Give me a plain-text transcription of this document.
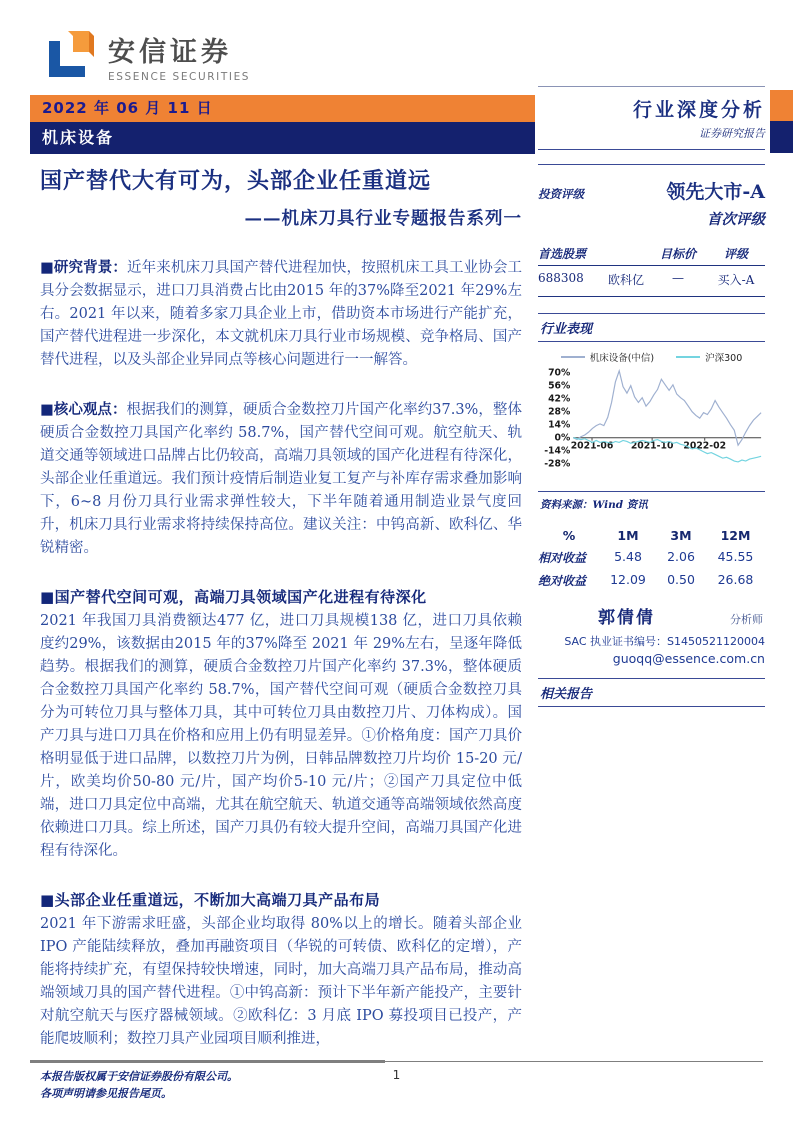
安信证券
ESSENCE SECURITIES
2022 年 06 月 11 日
机床设备
国产替代大有可为，头部企业任重道远
——机床刀具行业专题报告系列一

■研究背景：近年来机床刀具国产替代进程加快，按照机床工具工业协会工具分会数据显示，进口刀具消费占比由2015 年的37%降至2021 年29%左右。2021 年以来，随着多家刀具企业上市，借助资本市场进行产能扩充，国产替代进程进一步深化，本文就机床刀具行业市场规模、竞争格局、国产替代进程，以及头部企业异同点等核心问题进行一一解答。

■核心观点：根据我们的测算，硬质合金数控刀片国产化率约37.3%，整体硬质合金数控刀具国产化率约 58.7%，国产替代空间可观。航空航天、轨道交通等领域进口品牌占比仍较高，高端刀具领域的国产化进程有待深化，头部企业任重道远。我们预计疫情后制造业复工复产与补库存需求叠加影响下，6~8 月份刀具行业需求弹性较大，下半年随着通用制造业景气度回升，机床刀具行业需求将持续保持高位。建议关注：中钨高新、欧科亿、华锐精密。

■国产替代空间可观，高端刀具领域国产化进程有待深化

2021 年我国刀具消费额达477 亿，进口刀具规模138 亿，进口刀具依赖度约29%，该数据由2015 年的37%降至 2021 年 29%左右，呈逐年降低趋势。根据我们的测算，硬质合金数控刀片国产化率约 37.3%，整体硬质合金数控刀具国产化率约 58.7%，国产替代空间可观（硬质合金数控刀具分为可转位刀具与整体刀具，其中可转位刀具由数控刀片、刀体构成）。国产刀具与进口刀具在价格和应用上仍有明显差异。①价格角度：国产刀具价格明显低于进口品牌，以数控刀片为例，日韩品牌数控刀片均价 15-20 元/片，欧美均价50-80 元/片，国产均价5-10 元/片；②国产刀具定位中低端，进口刀具定位中高端，尤其在航空航天、轨道交通等高端领域依然高度依赖进口刀具。综上所述，国产刀具仍有较大提升空间，高端刀具国产化进程有待深化。

■头部企业任重道远，不断加大高端刀具产品布局

2021 年下游需求旺盛，头部企业均取得 80%以上的增长。随着头部企业 IPO 产能陆续释放，叠加再融资项目（华锐的可转债、欧科亿的定增），产能将持续扩充，有望保持较快增速，同时，加大高端刀具产品布局，推动高端领域刀具的国产替代进程。①中钨高新：预计下半年新产能投产，主要针对航空航天与医疗器械领域。②欧科亿：3 月底 IPO 募投项目已投产，产能爬坡顺利；数控刀具产业园项目顺利推进，

行业深度分析
证券研究报告
投资评级	领先大市-A
首次评级
首选股票	目标价	评级
688308	欧科亿	—	买入-A
行业表现
机床设备(中信)	沪深300
70%
56%
42%
28%
14%
0%
-14%
-28%
2021-06 2021-10 2022-02
资料来源：Wind 资讯
%	1M	3M	12M
相对收益	5.48	2.06	45.55
绝对收益	12.09	0.50	26.68
郭倩倩	分析师
SAC 执业证书编号：S1450521120004
guoqq@essence.com.cn
相关报告
本报告版权属于安信证券股份有限公司。
各项声明请参见报告尾页。
1
